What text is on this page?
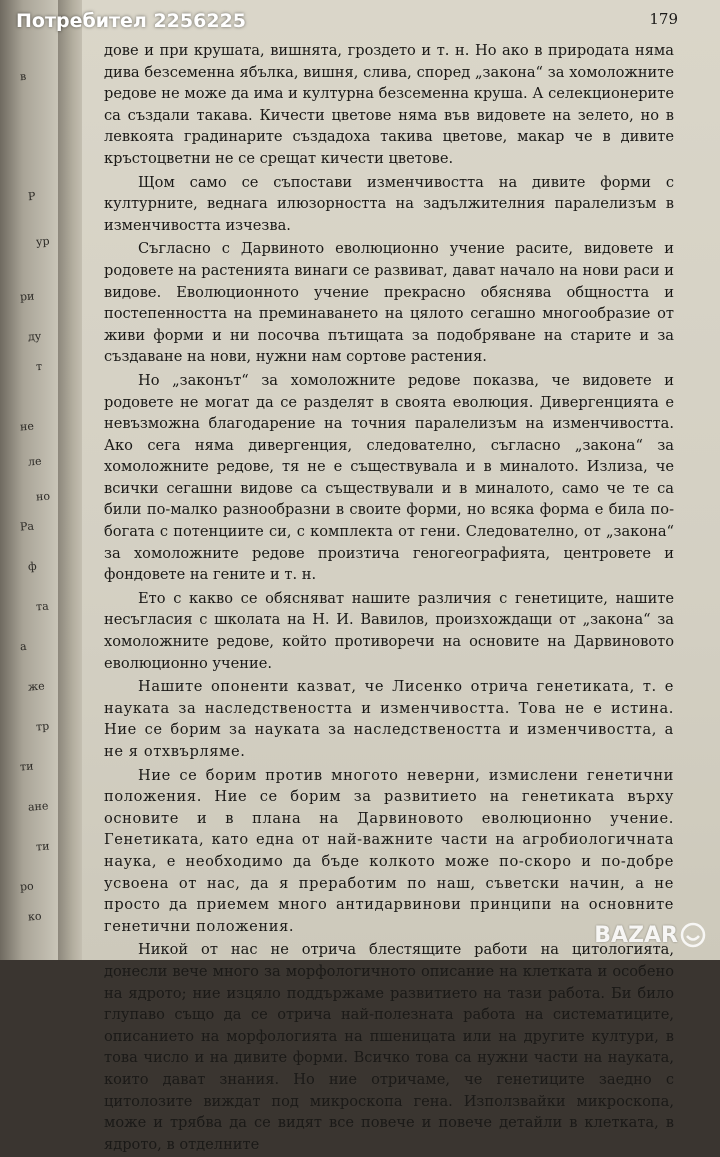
в
Р
ур
ри
ду
т
не
ле
но
Ра
ф
та
а
же
тр
ти
ане
ти
ро
ко
179

дове и при крушата, вишнята, гроздето и т. н. Но ако в природата няма дива безсеменна ябълка, вишня, слива, според „закона“ за хомоложните редове не може да има и културна безсеменна круша. А селекционерите са създали такава. Кичести цветове няма във видовете на зелето, но в левкоята градинарите създадоха такива цветове, макар че в дивите кръстоцветни не се срещат кичести цветове.

Щом само се съпостави изменчивостта на дивите форми с културните, веднага илюзорността на задължителния паралелизъм в изменчивостта изчезва.

Съгласно с Дарвиното еволюционно учение расите, видовете и родовете на растенията винаги се развиват, дават начало на нови раси и видове. Еволюционното учение прекрасно обяснява общността и постепенността на преминаването на цялото сегашно многообразие от живи форми и ни посочва пътищата за подобряване на старите и за създаване на нови, нужни нам сортове растения.

Но „законът“ за хомоложните редове показва, че видовете и родовете не могат да се разделят в своята еволюция. Дивергенцията е невъзможна благодарение на точния паралелизъм на изменчивостта. Ако сега няма дивергенция, следователно, съгласно „закона“ за хомоложните редове, тя не е съществувала и в миналото. Излиза, че всички сегашни видове са съществували и в миналото, само че те са били по-малко разнообразни в своите форми, но всяка форма е била по-богата с потенциите си, с комплекта от гени. Следователно, от „закона“ за хомоложните редове произтича геногеографията, центровете и фондовете на гените и т. н.

Ето с какво се обясняват нашите различия с генетиците, нашите несъгласия с школата на Н. И. Вавилов, произхождащи от „закона“ за хомоложните редове, който противоречи на основите на Дарвиновото еволюционно учение.

Нашите опоненти казват, че Лисенко отрича генетиката, т. е науката за наследствеността и изменчивостта. Това не е истина. Ние се борим за науката за наследствеността и изменчивостта, а не я отхвърляме.

Ние се борим против многото неверни, измислени генетични положения. Ние се борим за развитието на генетиката върху основите и в плана на Дарвиновото еволюционно учение. Генетиката, като една от най-важните части на агробиологичната наука, е необходимо да бъде колкото може по-скоро и по-добре усвоена от нас, да я преработим по наш, съветски начин, а не просто да приемем много антидарвинови принципи на основните генетични положения.

Никой от нас не отрича блестящите работи на цитологията, донесли вече много за морфологичното описание на клетката и особено на ядрото; ние изцяло поддържаме развитието на тази работа. Би било глупаво също да се отрича най-полезната работа на систематиците, описанието на морфологията на пшеницата или на другите култури, в това число и на дивите форми. Всичко това са нужни части на науката, които дават знания. Но ние отричаме, че генетиците заедно с цитолозите виждат под микроскопа гена. Използвайки микроскопа, може и трябва да се видят все повече и повече детайли в клетката, в ядрото, в отделните

Потребител 2256225
BAZAR
